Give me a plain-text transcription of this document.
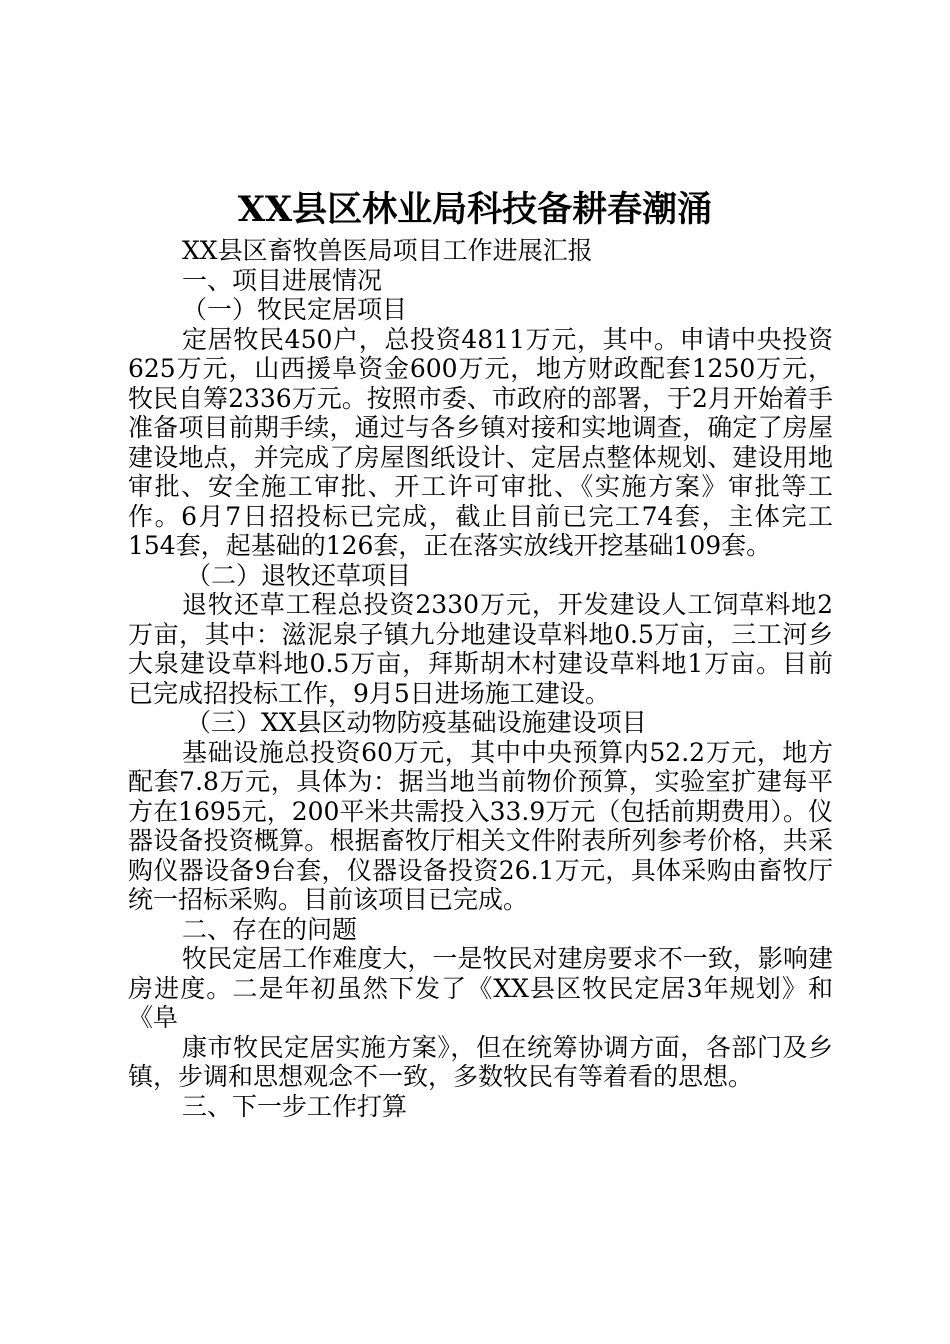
XX县区林业局科技备耕春潮涌

XX县区畜牧兽医局项目工作进展汇报

一、项目进展情况

（一）牧民定居项目

定居牧民450户，总投资4811万元，其中。申请中央投资625万元，山西援阜资金600万元，地方财政配套1250万元，牧民自筹2336万元。按照市委、市政府的部署，于2月开始着手准备项目前期手续，通过与各乡镇对接和实地调查，确定了房屋建设地点，并完成了房屋图纸设计、定居点整体规划、建设用地审批、安全施工审批、开工许可审批、《实施方案》审批等工作。6月7日招投标已完成，截止目前已完工74套，主体完工154套，起基础的126套，正在落实放线开挖基础109套。

（二）退牧还草项目

退牧还草工程总投资2330万元，开发建设人工饲草料地2万亩，其中：滋泥泉子镇九分地建设草料地0.5万亩，三工河乡大泉建设草料地0.5万亩，拜斯胡木村建设草料地1万亩。目前已完成招投标工作，9月5日进场施工建设。

（三）XX县区动物防疫基础设施建设项目

基础设施总投资60万元，其中中央预算内52.2万元，地方配套7.8万元，具体为：据当地当前物价预算，实验室扩建每平方在1695元，200平米共需投入33.9万元（包括前期费用）。仪器设备投资概算。根据畜牧厅相关文件附表所列参考价格，共采购仪器设备9台套，仪器设备投资26.1万元，具体采购由畜牧厅统一招标采购。目前该项目已完成。

二、存在的问题

牧民定居工作难度大，一是牧民对建房要求不一致，影响建房进度。二是年初虽然下发了《XX县区牧民定居3年规划》和《阜

康市牧民定居实施方案》，但在统筹协调方面，各部门及乡镇，步调和思想观念不一致，多数牧民有等着看的思想。

三、下一步工作打算
